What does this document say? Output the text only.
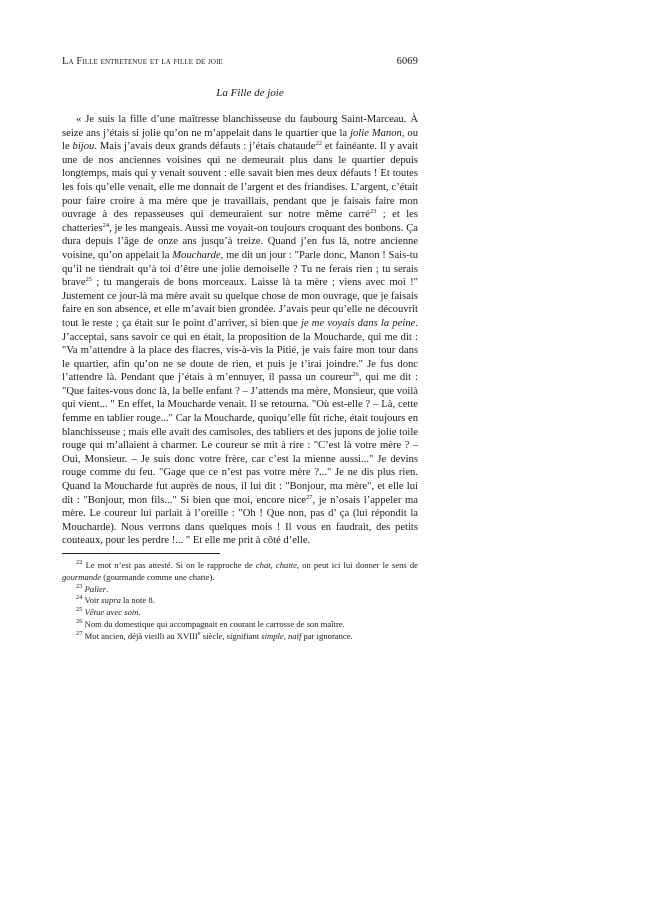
La Fille entretenue et la fille de joie	6069
La Fille de joie

« Je suis la fille d’une maîtresse blanchisseuse du faubourg Saint-Marceau. À seize ans j’étais si jolie qu’on ne m’appelait dans le quartier que la jolie Manon, ou le bijou. Mais j’avais deux grands défauts : j’étais chataude$^{22}$ et fainéante. Il y avait une de nos anciennes voisines qui ne demeurait plus dans le quartier depuis longtemps, mais qui y venait souvent : elle savait bien mes deux défauts ! Et toutes les fois qu’elle venait, elle me donnait de l’argent et des friandises. L’argent, c’était pour faire croire à ma mère que je travaillais, pendant que je faisais faire mon ouvrage à des repasseuses qui demeuraient sur notre même carré$^{23}$ ; et les chatteries$^{24}$, je les mangeais. Aussi me voyait-on toujours croquant des bonbons. Ça dura depuis l’âge de onze ans jusqu’à treize. Quand j’en fus là, notre ancienne voisine, qu’on appelait la Moucharde, me dit un jour : "Parle donc, Manon ! Sais-tu qu’il ne tiendrait qu’à toi d’être une jolie demoiselle ? Tu ne ferais rien ; tu serais brave$^{25}$ ; tu mangerais de bons morceaux. Laisse là ta mère ; viens avec moi !" Justement ce jour-là ma mère avait su quelque chose de mon ouvrage, que je faisais faire en son absence, et elle m’avait bien grondée. J’avais peur qu’elle ne découvrît tout le reste ; ça était sur le point d’arriver, si bien que je me voyais dans la peine. J’acceptai, sans savoir ce qui en était, la proposition de la Moucharde, qui me dit : "Va m’attendre à la place des fiacres, vis-à-vis la Pitié, je vais faire mon tour dans le quartier, afin qu’on ne se doute de rien, et puis je t’irai joindre." Je fus donc l’attendre là. Pendant que j’étais à m’ennuyer, il passa un coureur$^{26}$, qui me dit : "Que faites-vous donc là, la belle enfant ? – J’attends ma mère, Monsieur, que voilà qui vient... " En effet, la Moucharde venait. Il se retourna. "Où est-elle ? – Là, cette femme en tablier rouge..." Car la Moucharde, quoiqu’elle fût riche, était toujours en blanchisseuse ; mais elle avait des camisoles, des tabliers et des jupons de jolie toile rouge qui m’allaient à charmer. Le coureur se mit à rire : "C’est là votre mère ? – Oui, Monsieur. – Je suis donc votre frère, car c’est la mienne aussi..." Je devins rouge comme du feu. "Gage que ce n’est pas votre mère ?..." Je ne dis plus rien. Quand la Moucharde fut auprès de nous, il lui dit : "Bonjour, ma mère", et elle lui dit : "Bonjour, mon fils..." Si bien que moi, encore nice$^{27}$, je n’osais l’appeler ma mère. Le coureur lui parlait à l’oreille : "Oh ! Que non, pas d’ ça (lui répondit la Moucharde). Nous verrons dans quelques mois ! Il vous en faudrait, des petits couteaux, pour les perdre !... " Et elle me prit à côté d’elle.

$^{22}$ Le mot n’est pas attesté. Si on le rapproche de chat, chatte, on peut ici lui donner le sens de gourmande (gourmande comme une chatte).

$^{23}$ Palier.

$^{24}$ Voir supra la note 8.

$^{25}$ Vêtue avec soin.

$^{26}$ Nom du domestique qui accompagnait en courant le carrosse de son maître.

$^{27}$ Mot ancien, déjà vieilli au XVIIIe siècle, signifiant simple, naïf par ignorance.
